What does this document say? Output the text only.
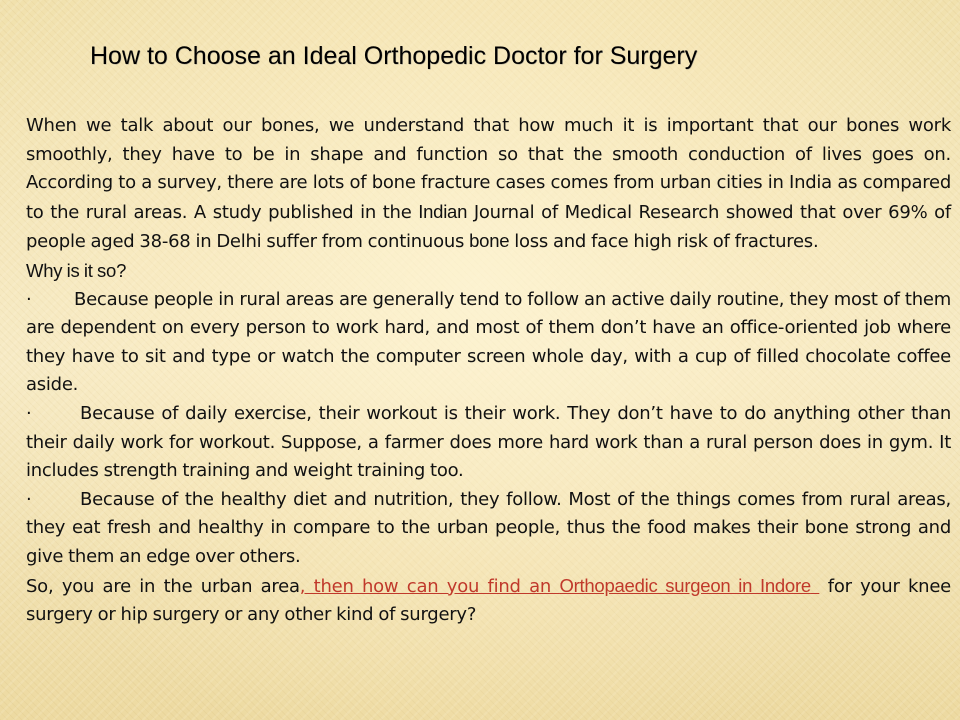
How to Choose an Ideal Orthopedic Doctor for Surgery

When we talk about our bones, we understand that how much it is important that our bones work smoothly, they have to be in shape and function so that the smooth conduction of lives goes on. According to a survey, there are lots of bone fracture cases comes from urban cities in India as compared to the rural areas. A study published in the Indian Journal of Medical Research showed that over 69% of people aged 38-68 in Delhi suffer from continuous bone loss and face high risk of fractures.

Why is it so?

· Because people in rural areas are generally tend to follow an active daily routine, they most of them are dependent on every person to work hard, and most of them don’t have an office-oriented job where they have to sit and type or watch the computer screen whole day, with a cup of filled chocolate coffee aside.

·	Because of daily exercise, their workout is their work. They don’t have to do anything other than their daily work for workout. Suppose, a farmer does more hard work than a rural person does in gym. It includes strength training and weight training too.

·	Because of the healthy diet and nutrition, they follow. Most of the things comes from rural areas, they eat fresh and healthy in compare to the urban people, thus the food makes their bone strong and give them an edge over others.

So, you are in the urban area, then how can you find an Orthopaedic surgeon in Indore  for your knee surgery or hip surgery or any other kind of surgery?
